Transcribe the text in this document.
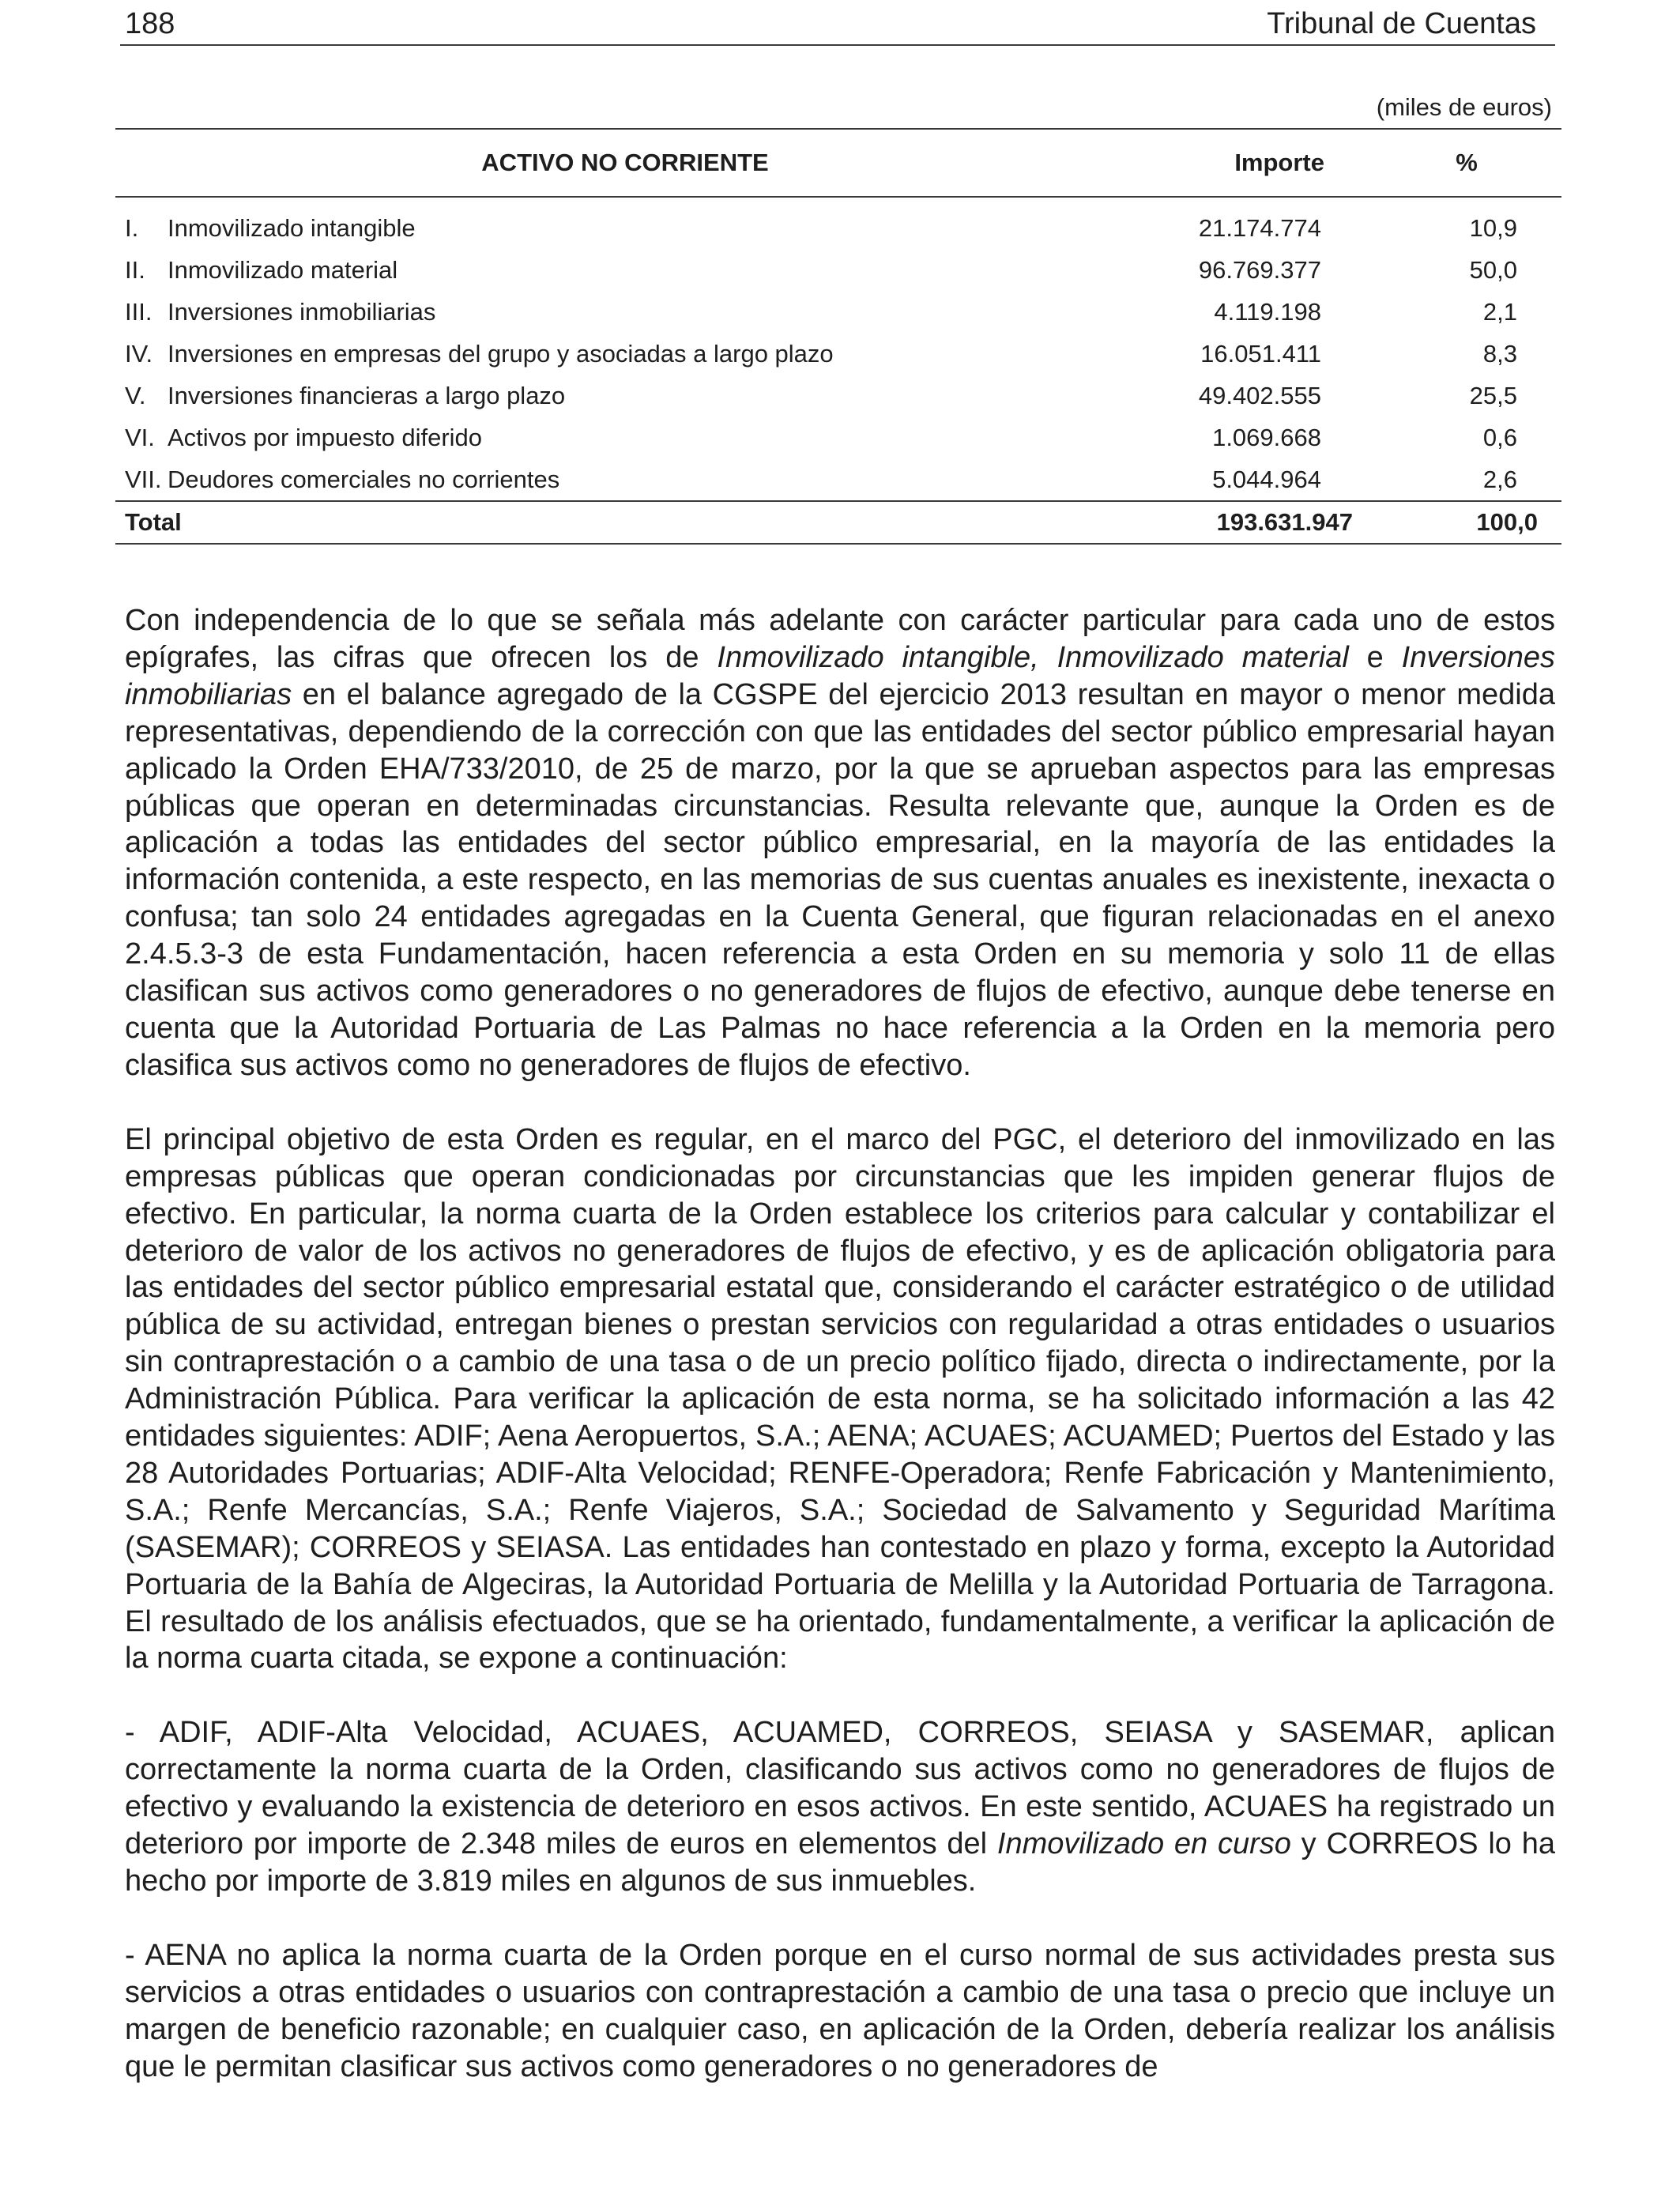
188	Tribunal de Cuentas
(miles de euros)
ACTIVO NO CORRIENTE	Importe	%
I. Inmovilizado intangible	21.174.774	10,9
II. Inmovilizado material	96.769.377	50,0
III. Inversiones inmobiliarias	4.119.198	2,1
IV. Inversiones en empresas del grupo y asociadas a largo plazo	16.051.411	8,3
V. Inversiones financieras a largo plazo	49.402.555	25,5
VI. Activos por impuesto diferido	1.069.668	0,6
VII. Deudores comerciales no corrientes	5.044.964	2,6
Total	193.631.947	100,0

Con independencia de lo que se señala más adelante con carácter particular para cada uno de estos epígrafes, las cifras que ofrecen los de Inmovilizado intangible, Inmovilizado material e Inversiones inmobiliarias en el balance agregado de la CGSPE del ejercicio 2013 resultan en mayor o menor medida representativas, dependiendo de la corrección con que las entidades del sector público empresarial hayan aplicado la Orden EHA/733/2010, de 25 de marzo, por la que se aprueban aspectos para las empresas públicas que operan en determinadas circunstancias. Resulta relevante que, aunque la Orden es de aplicación a todas las entidades del sector público empresarial, en la mayoría de las entidades la información contenida, a este respecto, en las memorias de sus cuentas anuales es inexistente, inexacta o confusa; tan solo 24 entidades agregadas en la Cuenta General, que figuran relacionadas en el anexo 2.4.5.3-3 de esta Fundamentación, hacen referencia a esta Orden en su memoria y solo 11 de ellas clasifican sus activos como generadores o no generadores de flujos de efectivo, aunque debe tenerse en cuenta que la Autoridad Portuaria de Las Palmas no hace referencia a la Orden en la memoria pero clasifica sus activos como no generadores de flujos de efectivo.

El principal objetivo de esta Orden es regular, en el marco del PGC, el deterioro del inmovilizado en las empresas públicas que operan condicionadas por circunstancias que les impiden generar flujos de efectivo. En particular, la norma cuarta de la Orden establece los criterios para calcular y contabilizar el deterioro de valor de los activos no generadores de flujos de efectivo, y es de aplicación obligatoria para las entidades del sector público empresarial estatal que, considerando el carácter estratégico o de utilidad pública de su actividad, entregan bienes o prestan servicios con regularidad a otras entidades o usuarios sin contraprestación o a cambio de una tasa o de un precio político fijado, directa o indirectamente, por la Administración Pública. Para verificar la aplicación de esta norma, se ha solicitado información a las 42 entidades siguientes: ADIF; Aena Aeropuertos, S.A.; AENA; ACUAES; ACUAMED; Puertos del Estado y las 28 Autoridades Portuarias; ADIF-Alta Velocidad; RENFE-Operadora; Renfe Fabricación y Mantenimiento, S.A.; Renfe Mercancías, S.A.; Renfe Viajeros, S.A.; Sociedad de Salvamento y Seguridad Marítima (SASEMAR); CORREOS y SEIASA. Las entidades han contestado en plazo y forma, excepto la Autoridad Portuaria de la Bahía de Algeciras, la Autoridad Portuaria de Melilla y la Autoridad Portuaria de Tarragona. El resultado de los análisis efectuados, que se ha orientado, fundamentalmente, a verificar la aplicación de la norma cuarta citada, se expone a continuación:

- ADIF, ADIF-Alta Velocidad, ACUAES, ACUAMED, CORREOS, SEIASA y SASEMAR, aplican correctamente la norma cuarta de la Orden, clasificando sus activos como no generadores de flujos de efectivo y evaluando la existencia de deterioro en esos activos. En este sentido, ACUAES ha registrado un deterioro por importe de 2.348 miles de euros en elementos del Inmovilizado en curso y CORREOS lo ha hecho por importe de 3.819 miles en algunos de sus inmuebles.

- AENA no aplica la norma cuarta de la Orden porque en el curso normal de sus actividades presta sus servicios a otras entidades o usuarios con contraprestación a cambio de una tasa o precio que incluye un margen de beneficio razonable; en cualquier caso, en aplicación de la Orden, debería realizar los análisis que le permitan clasificar sus activos como generadores o no generadores de
